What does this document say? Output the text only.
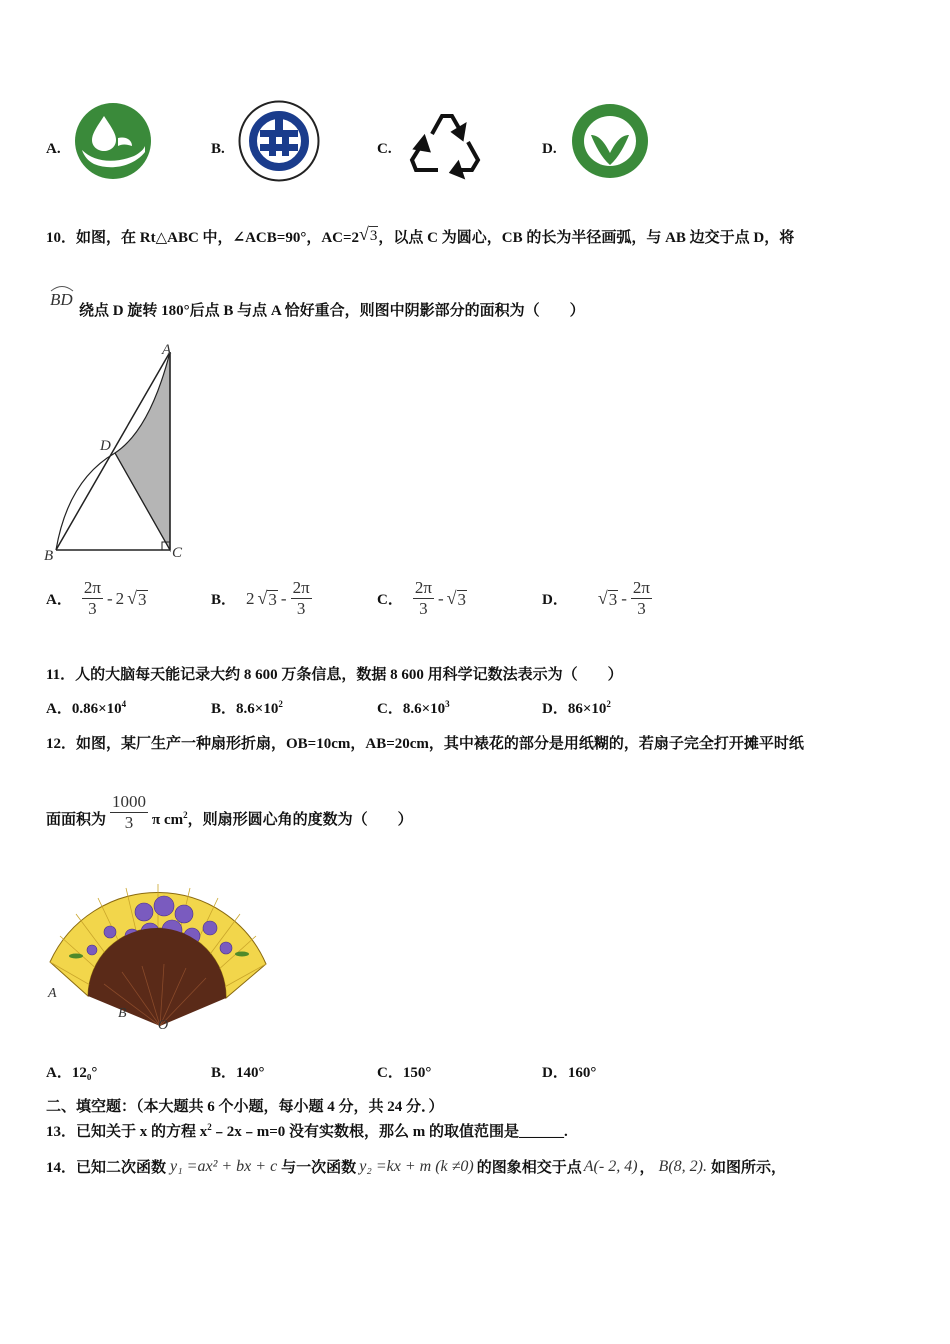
A.	B.	C.	D.
10．如图，在 Rt△ABC 中，∠ACB=90°，AC=2 √ 3 ，以点 C 为圆心，CB 的长为半径画弧，与 AB 边交于点 D，将
BD
绕点 D 旋转 180°后点 B 与点 A 恰好重合，则图中阴影部分的面积为（　　）
A
D
B	C
A． $\frac{2\pi}{3} - 2$ √ 3	B． 2 √ $3 - \frac{2\pi}{3}$	C． $\frac{2\pi}{3}$ - √ 3	D． √ $3 - \frac{2\pi}{3}$
11．人的大脑每天能记录大约 8 600 万条信息，数据 8 600 用科学记数法表示为（　　）
A．$0.86\times 10^4$	B．$8.6\times 10^2$	C．$8.6\times 10^3$	D．$86\times 10^2$
12．如图，某厂生产一种扇形折扇，OB=10cm，AB=20cm，其中裱花的部分是用纸糊的，若扇子完全打开摊平时纸
面面积为 $\frac{1000}{3}$ π $cm^2$，则扇形圆心角的度数为（　　）
A
B
O
A．12₀°	B．140°	C．150°	D．160°
二、填空题：（本大题共 6 个小题，每小题 4 分，共 24 分．）
13．已知关于 x 的方程 $x^2﹣2x﹣m=0$ 没有实数根，那么 m 的取值范围是______.
14．已知二次函数 y₁ =ax² + bx + c 与一次函数 y₂ =kx + m (k ≠0) 的图象相交于点 A(- 2, 4) ， B(8, 2). 如图所示，
